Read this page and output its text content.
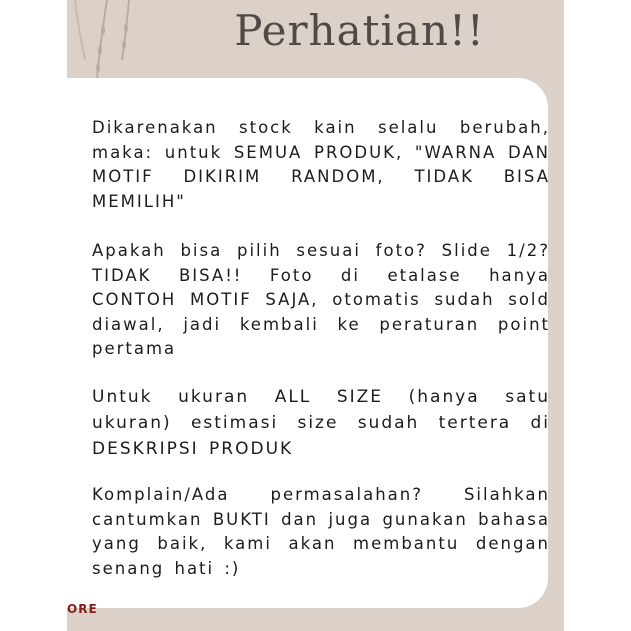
Perhatian!!

Dikarenakan stock kain selalu berubah, maka: untuk SEMUA PRODUK, "WARNA DAN MOTIF DIKIRIM RANDOM, TIDAK BISA MEMILIH"

Apakah bisa pilih sesuai foto? Slide 1/2? TIDAK BISA!! Foto di etalase hanya CONTOH MOTIF SAJA, otomatis sudah sold diawal, jadi kembali ke peraturan point pertama

Untuk ukuran ALL SIZE (hanya satu ukuran) estimasi size sudah tertera di DESKRIPSI PRODUK

Komplain/Ada permasalahan? Silahkan cantumkan BUKTI dan juga gunakan bahasa yang baik, kami akan membantu dengan senang hati :)

ORE
